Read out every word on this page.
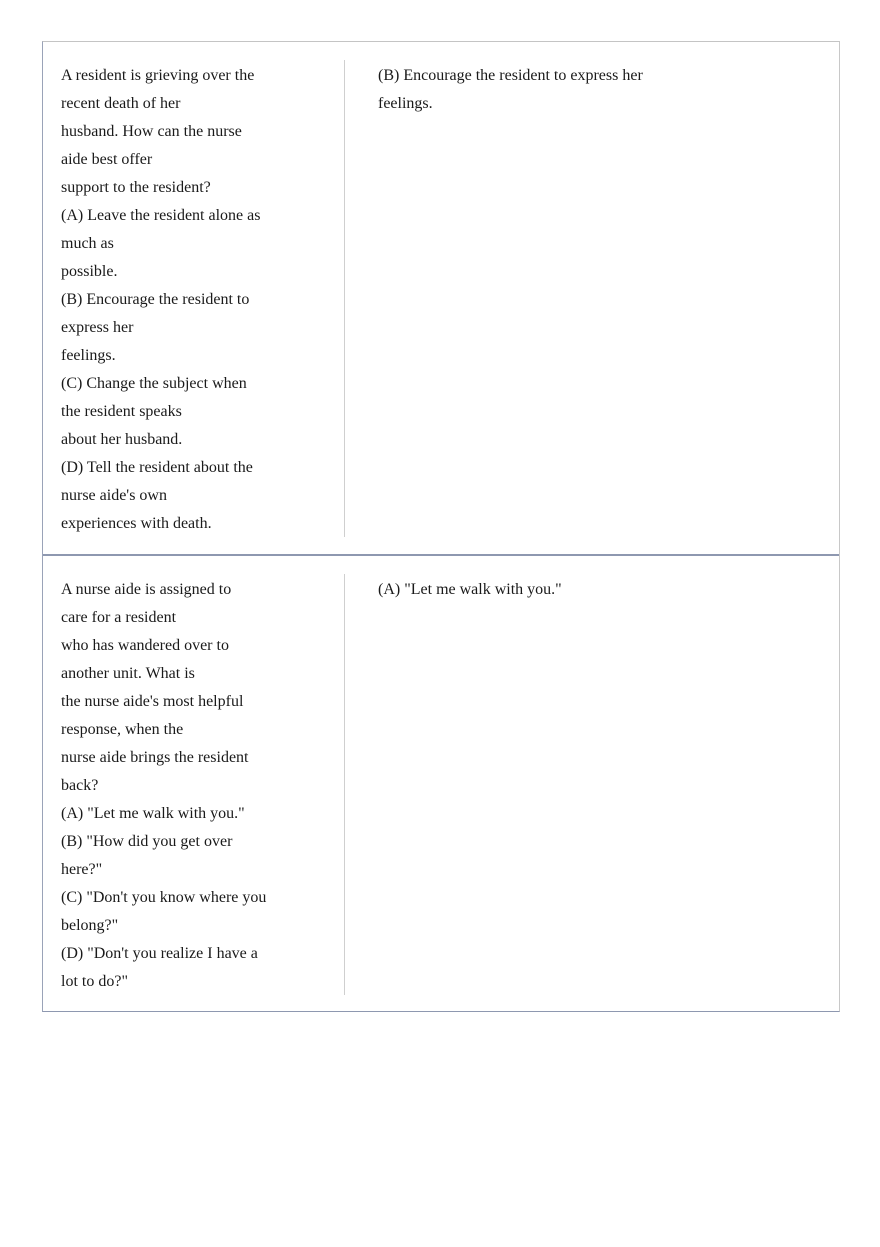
A resident is grieving over the
recent death of her
husband. How can the nurse
aide best offer
support to the resident?
(A) Leave the resident alone as
much as
possible.
(B) Encourage the resident to
express her
feelings.
(C) Change the subject when
the resident speaks
about her husband.
(D) Tell the resident about the
nurse aide's own
experiences with death.
(B) Encourage the resident to express her
feelings.
A nurse aide is assigned to
care for a resident
who has wandered over to
another unit. What is
the nurse aide's most helpful
response, when the
nurse aide brings the resident
back?
(A) "Let me walk with you."
(B) "How did you get over
here?"
(C) "Don't you know where you
belong?"
(D) "Don't you realize I have a
lot to do?"
(A) "Let me walk with you."
